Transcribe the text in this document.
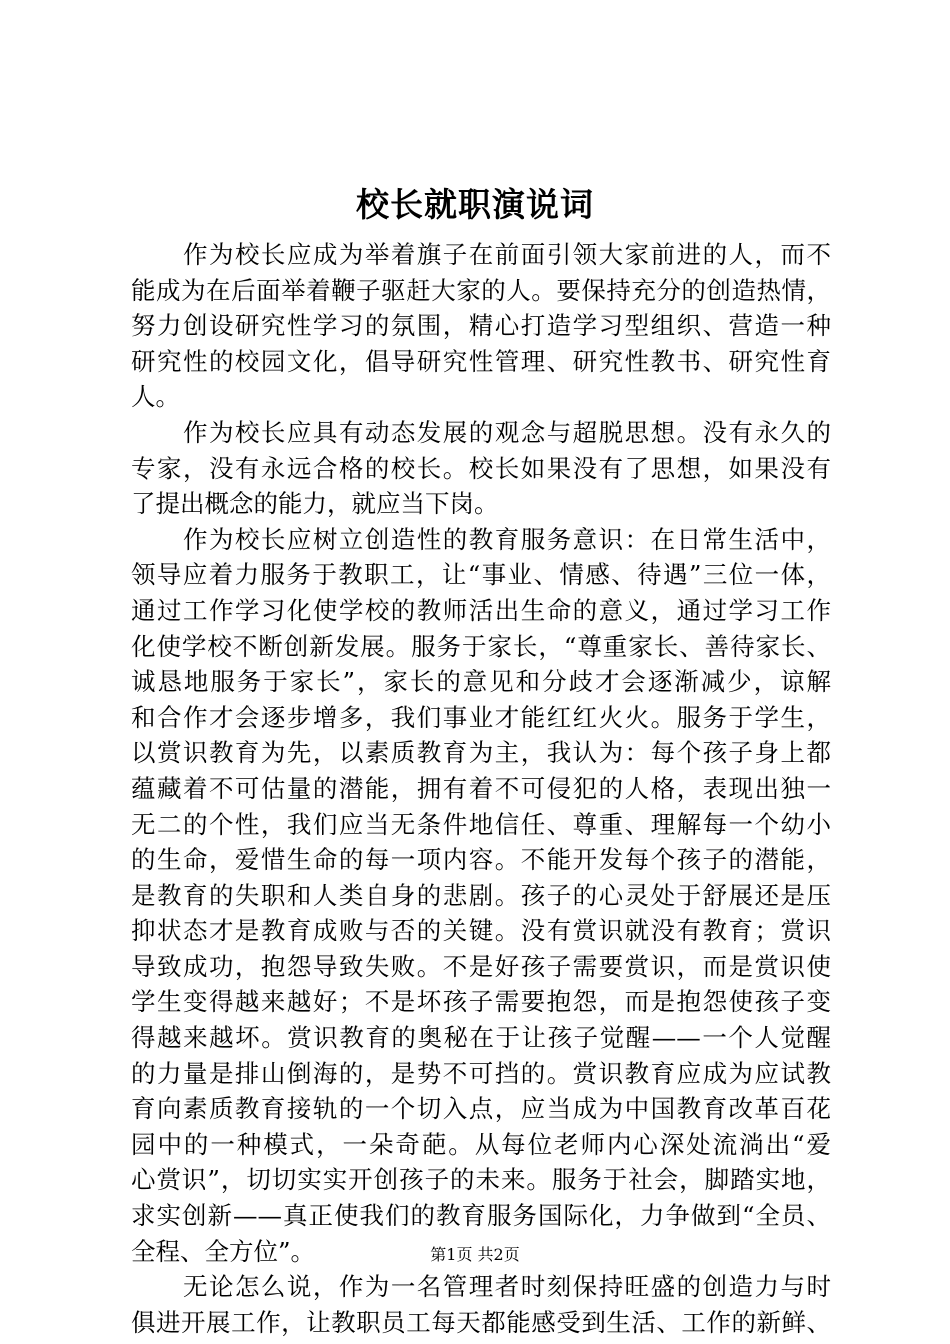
校长就职演说词

作为校长应成为举着旗子在前面引领大家前进的人，而不
能成为在后面举着鞭子驱赶大家的人。要保持充分的创造热情，
努力创设研究性学习的氛围，精心打造学习型组织、营造一种
研究性的校园文化，倡导研究性管理、研究性教书、研究性育
人。

作为校长应具有动态发展的观念与超脱思想。没有永久的
专家，没有永远合格的校长。校长如果没有了思想，如果没有
了提出概念的能力，就应当下岗。

作为校长应树立创造性的教育服务意识：在日常生活中，
领导应着力服务于教职工，让“事业、情感、待遇”三位一体，
通过工作学习化使学校的教师活出生命的意义，通过学习工作
化使学校不断创新发展。服务于家长，“尊重家长、善待家长、
诚恳地服务于家长”，家长的意见和分歧才会逐渐减少，谅解
和合作才会逐步增多，我们事业才能红红火火。服务于学生，
以赏识教育为先，以素质教育为主，我认为：每个孩子身上都
蕴藏着不可估量的潜能，拥有着不可侵犯的人格，表现出独一
无二的个性，我们应当无条件地信任、尊重、理解每一个幼小
的生命，爱惜生命的每一项内容。不能开发每个孩子的潜能，
是教育的失职和人类自身的悲剧。孩子的心灵处于舒展还是压
抑状态才是教育成败与否的关键。没有赏识就没有教育；赏识
导致成功，抱怨导致失败。不是好孩子需要赏识，而是赏识使
学生变得越来越好；不是坏孩子需要抱怨，而是抱怨使孩子变
得越来越坏。赏识教育的奥秘在于让孩子觉醒——一个人觉醒
的力量是排山倒海的，是势不可挡的。赏识教育应成为应试教
育向素质教育接轨的一个切入点，应当成为中国教育改革百花
园中的一种模式，一朵奇葩。从每位老师内心深处流淌出“爱
心赏识”，切切实实开创孩子的未来。服务于社会，脚踏实地，
求实创新——真正使我们的教育服务国际化，力争做到“全员、
全程、全方位”。

无论怎么说，作为一名管理者时刻保持旺盛的创造力与时
俱进开展工作，让教职员工每天都能感受到生活、工作的新鲜、

第1页 共2页
